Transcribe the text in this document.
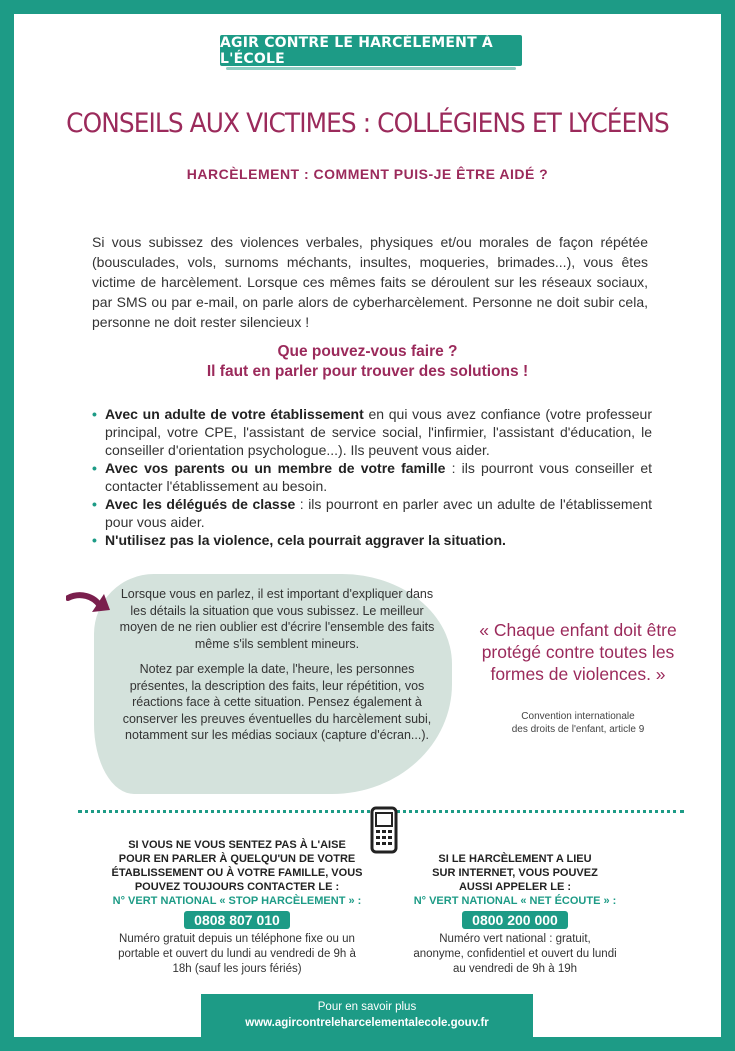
AGIR CONTRE LE HARCÈLEMENT À L'ÉCOLE
CONSEILS AUX VICTIMES : COLLÉGIENS ET LYCÉENS
HARCÈLEMENT : COMMENT PUIS-JE ÊTRE AIDÉ ?
Si vous subissez des violences verbales, physiques et/ou morales de façon répétée (bousculades, vols, surnoms méchants, insultes, moqueries, brimades...), vous êtes victime de harcèlement. Lorsque ces mêmes faits se déroulent sur les réseaux sociaux, par SMS ou par e-mail, on parle alors de cyberharcèlement. Personne ne doit subir cela, personne ne doit rester silencieux !
Que pouvez-vous faire ?
Il faut en parler pour trouver des solutions !
• Avec un adulte de votre établissement en qui vous avez confiance (votre professeur principal, votre CPE, l'assistant de service social, l'infirmier, l'assistant d'éducation, le conseiller d'orientation psychologue...). Ils peuvent vous aider.
• Avec vos parents ou un membre de votre famille : ils pourront vous conseiller et contacter l'établissement au besoin.
• Avec les délégués de classe : ils pourront en parler avec un adulte de l'établissement pour vous aider.
• N'utilisez pas la violence, cela pourrait aggraver la situation.

Lorsque vous en parlez, il est important d'expliquer dans les détails la situation que vous subissez. Le meilleur moyen de ne rien oublier est d'écrire l'ensemble des faits même s'ils semblent mineurs.

Notez par exemple la date, l'heure, les personnes présentes, la description des faits, leur répétition, vos réactions face à cette situation. Pensez également à conserver les preuves éventuelles du harcèlement subi, notamment sur les médias sociaux (capture d'écran...).

« Chaque enfant doit être protégé contre toutes les formes de violences. »
Convention internationale
des droits de l'enfant, article 9
SI VOUS NE VOUS SENTEZ PAS À L'AISE
POUR EN PARLER À QUELQU'UN DE VOTRE
ÉTABLISSEMENT OU À VOTRE FAMILLE, VOUS
POUVEZ TOUJOURS CONTACTER LE :
N° VERT NATIONAL « STOP HARCÈLEMENT » :
0808 807 010
Numéro gratuit depuis un téléphone fixe ou un
portable et ouvert du lundi au vendredi de 9h à
18h (sauf les jours fériés)
SI LE HARCÈLEMENT A LIEU
SUR INTERNET, VOUS POUVEZ
AUSSI APPELER LE :
N° VERT NATIONAL « NET ÉCOUTE » :
0800 200 000
Numéro vert national : gratuit,
anonyme, confidentiel et ouvert du lundi
au vendredi de 9h à 19h
Pour en savoir plus
www.agircontreleharcelementalecole.gouv.fr
